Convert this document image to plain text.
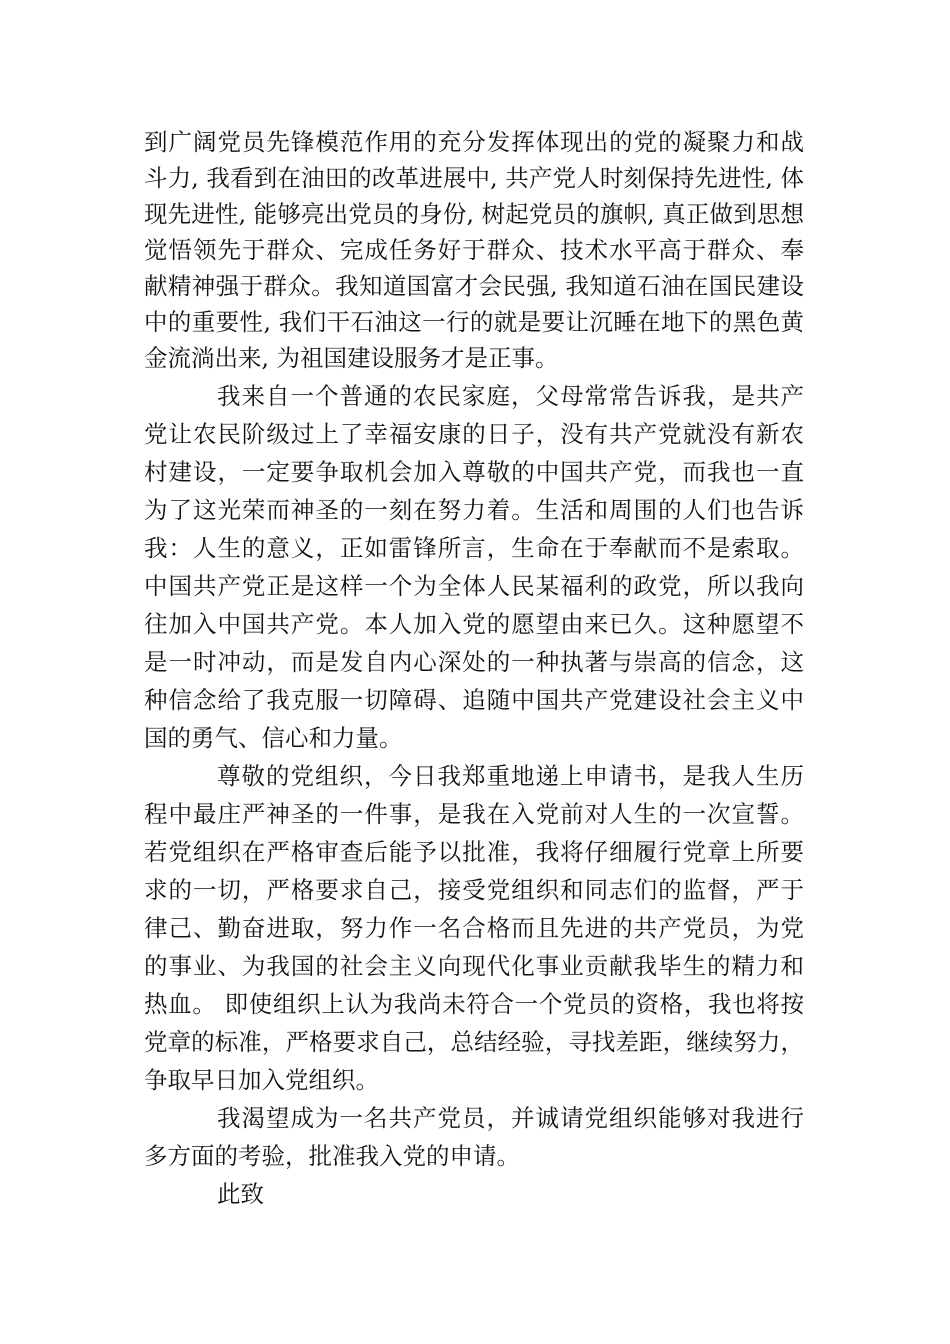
到广阔党员先锋模范作用的充分发挥体现出的党的凝聚力和战
斗力, 我看到在油田的改革进展中, 共产党人时刻保持先进性, 体
现先进性, 能够亮出党员的身份, 树起党员的旗帜, 真正做到思想
觉悟领先于群众、完成任务好于群众、技术水平高于群众、奉
献精神强于群众。我知道国富才会民强, 我知道石油在国民建设
中的重要性, 我们干石油这一行的就是要让沉睡在地下的黑色黄
金流淌出来, 为祖国建设服务才是正事。
我来自一个普通的农民家庭，父母常常告诉我，是共产
党让农民阶级过上了幸福安康的日子，没有共产党就没有新农
村建设，一定要争取机会加入尊敬的中国共产党，而我也一直
为了这光荣而神圣的一刻在努力着。生活和周围的人们也告诉
我：人生的意义，正如雷锋所言，生命在于奉献而不是索取。
中国共产党正是这样一个为全体人民某福利的政党，所以我向
往加入中国共产党。本人加入党的愿望由来已久。这种愿望不
是一时冲动，而是发自内心深处的一种执著与崇高的信念，这
种信念给了我克服一切障碍、追随中国共产党建设社会主义中
国的勇气、信心和力量。
尊敬的党组织，今日我郑重地递上申请书，是我人生历
程中最庄严神圣的一件事，是我在入党前对人生的一次宣誓。
若党组织在严格审查后能予以批准，我将仔细履行党章上所要
求的一切，严格要求自己，接受党组织和同志们的监督，严于
律己、勤奋进取，努力作一名合格而且先进的共产党员，为党
的事业、为我国的社会主义向现代化事业贡献我毕生的精力和
热血。 即使组织上认为我尚未符合一个党员的资格，我也将按
党章的标准，严格要求自己，总结经验，寻找差距，继续努力，
争取早日加入党组织。
我渴望成为一名共产党员，并诚请党组织能够对我进行
多方面的考验，批准我入党的申请。
此致
